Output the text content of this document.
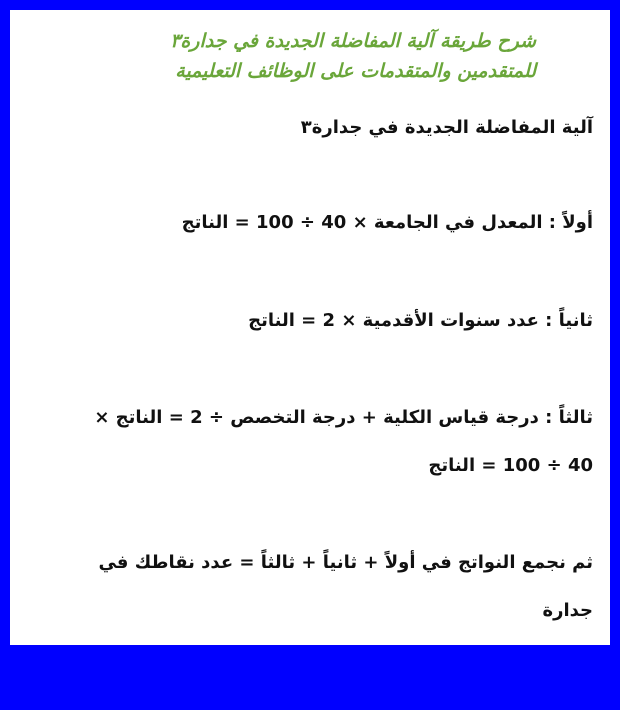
شرح طريقة آلية المفاضلة الجديدة في جدارة٣
للمتقدمين والمتقدمات على الوظائف التعليمية
آلية المفاضلة الجديدة في جدارة٣
أولاً : المعدل في الجامعة × 40 ÷ 100 = الناتج
ثانياً : عدد سنوات الأقدمية × 2 = الناتج
ثالثاً : درجة قياس الكلية + درجة التخصص ÷ 2 = الناتج ×
40 ÷ 100 = الناتج
ثم نجمع النواتج في أولاً + ثانياً + ثالثاً = عدد نقاطك في
جدارة
